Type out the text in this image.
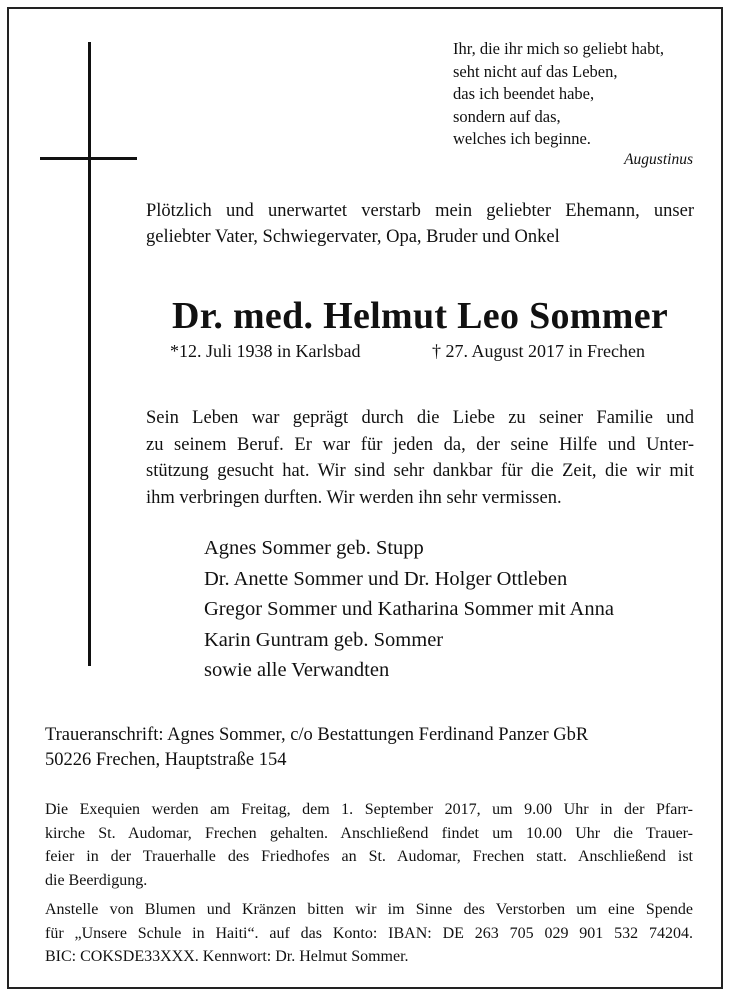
Ihr, die ihr mich so geliebt habt,
seht nicht auf das Leben,
das ich beendet habe,
sondern auf das,
welches ich beginne.
Augustinus
Plötzlich und unerwartet verstarb mein geliebter Ehemann, unser
geliebter Vater, Schwiegervater, Opa, Bruder und Onkel
Dr. med. Helmut Leo Sommer
*12. Juli 1938 in Karlsbad	† 27. August 2017 in Frechen
Sein Leben war geprägt durch die Liebe zu seiner Familie und
zu seinem Beruf. Er war für jeden da, der seine Hilfe und Unter-
stützung gesucht hat. Wir sind sehr dankbar für die Zeit, die wir mit
ihm verbringen durften. Wir werden ihn sehr vermissen.
Agnes Sommer geb. Stupp
Dr. Anette Sommer und Dr. Holger Ottleben
Gregor Sommer und Katharina Sommer mit Anna
Karin Guntram geb. Sommer
sowie alle Verwandten
Traueranschrift: Agnes Sommer, c/o Bestattungen Ferdinand Panzer GbR
50226 Frechen, Hauptstraße 154
Die Exequien werden am Freitag, dem 1. September 2017, um 9.00 Uhr in der Pfarr-
kirche St. Audomar, Frechen gehalten. Anschließend findet um 10.00 Uhr die Trauer-
feier in der Trauerhalle des Friedhofes an St. Audomar, Frechen statt. Anschließend ist
die Beerdigung.
Anstelle von Blumen und Kränzen bitten wir im Sinne des Verstorben um eine Spende
für „Unsere Schule in Haiti“. auf das Konto: IBAN: DE 263 705 029 901 532 74204.
BIC: COKSDE33XXX. Kennwort: Dr. Helmut Sommer.
